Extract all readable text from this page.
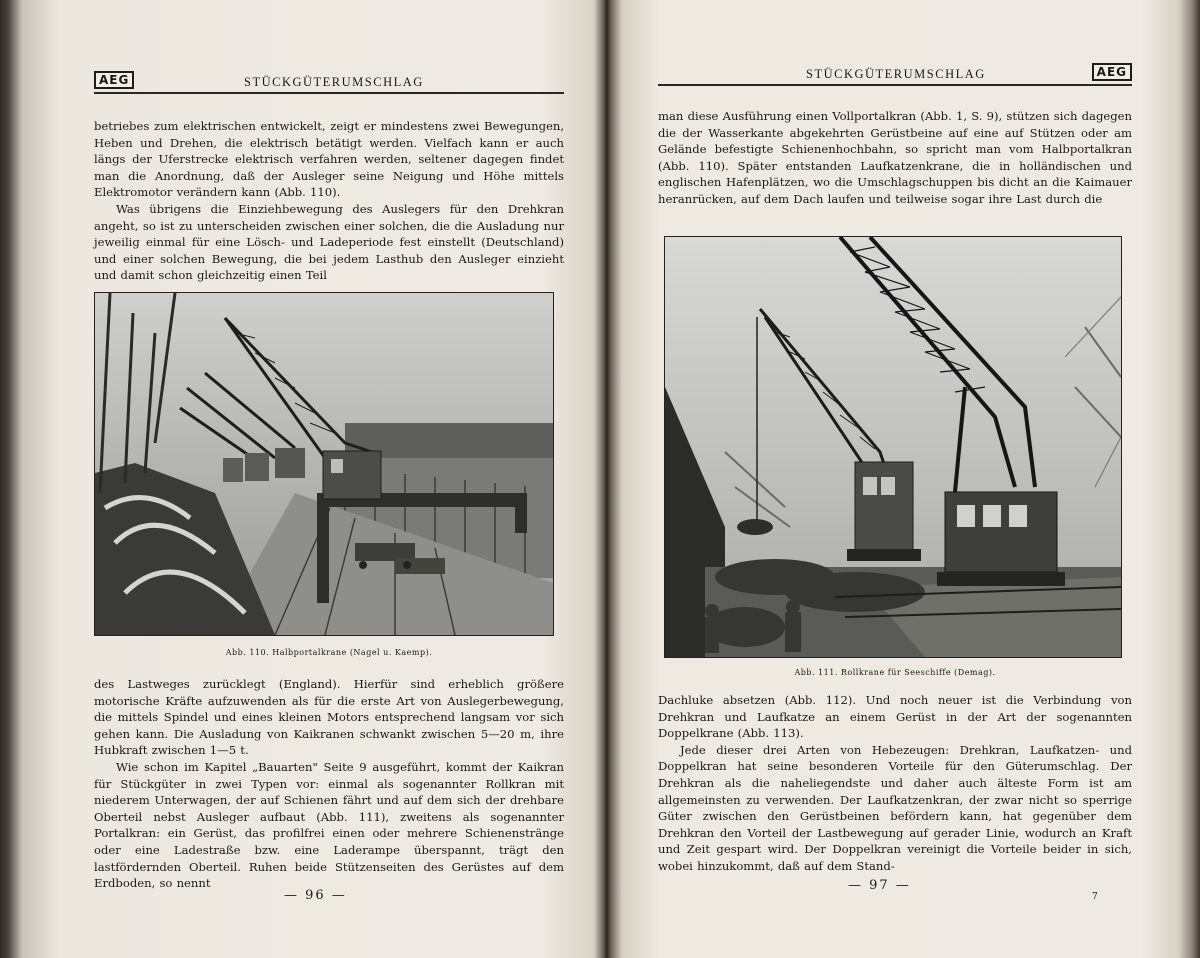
AEG	STÜCKGÜTERUMSCHLAG

betriebes zum elektrischen entwickelt, zeigt er mindestens zwei Bewegungen, Heben und Drehen, die elektrisch betätigt werden. Vielfach kann er auch längs der Uferstrecke elektrisch verfahren werden, seltener dagegen findet man die Anordnung, daß der Ausleger seine Neigung und Höhe mittels Elektromotor verändern kann (Abb. 110).

Was übrigens die Einziehbewegung des Auslegers für den Drehkran angeht, so ist zu unterscheiden zwischen einer solchen, die die Ausladung nur jeweilig einmal für eine Lösch- und Ladeperiode fest einstellt (Deutschland) und einer solchen Bewegung, die bei jedem Lasthub den Ausleger einzieht und damit schon gleichzeitig einen Teil

Abb. 110. Halbportalkrane (Nagel u. Kaemp).

des Lastweges zurücklegt (England). Hierfür sind erheblich größere motorische Kräfte aufzuwenden als für die erste Art von Auslegerbewegung, die mittels Spindel und eines kleinen Motors entsprechend langsam vor sich gehen kann. Die Ausladung von Kaikranen schwankt zwischen 5—20 m, ihre Hubkraft zwischen 1—5 t.

Wie schon im Kapitel „Bauarten" Seite 9 ausgeführt, kommt der Kaikran für Stückgüter in zwei Typen vor: einmal als sogenannter Rollkran mit niederem Unterwagen, der auf Schienen fährt und auf dem sich der drehbare Oberteil nebst Ausleger aufbaut (Abb. 111), zweitens als sogenannter Portalkran: ein Gerüst, das profilfrei einen oder mehrere Schienenstränge oder eine Ladestraße bzw. eine Laderampe überspannt, trägt den lastfördernden Oberteil. Ruhen beide Stützenseiten des Gerüstes auf dem Erdboden, so nennt

— 96 —
STÜCKGÜTERUMSCHLAG	AEG

man diese Ausführung einen Vollportalkran (Abb. 1, S. 9), stützen sich dagegen die der Wasserkante abgekehrten Gerüstbeine auf eine auf Stützen oder am Gelände befestigte Schienenhochbahn, so spricht man vom Halbportalkran (Abb. 110). Später entstanden Laufkatzenkrane, die in holländischen und englischen Hafenplätzen, wo die Umschlagschuppen bis dicht an die Kaimauer heranrücken, auf dem Dach laufen und teilweise sogar ihre Last durch die

Abb. 111. Rollkrane für Seeschiffe (Demag).

Dachluke absetzen (Abb. 112). Und noch neuer ist die Verbindung von Drehkran und Laufkatze an einem Gerüst in der Art der sogenannten Doppelkrane (Abb. 113).

Jede dieser drei Arten von Hebezeugen: Drehkran, Laufkatzen- und Doppelkran hat seine besonderen Vorteile für den Güterumschlag. Der Drehkran als die naheliegendste und daher auch älteste Form ist am allgemeinsten zu verwenden. Der Laufkatzenkran, der zwar nicht so sperrige Güter zwischen den Gerüstbeinen befördern kann, hat gegenüber dem Drehkran den Vorteil der Lastbewegung auf gerader Linie, wodurch an Kraft und Zeit gespart wird. Der Doppelkran vereinigt die Vorteile beider in sich, wobei hinzukommt, daß auf dem Stand-

— 97 —
7
